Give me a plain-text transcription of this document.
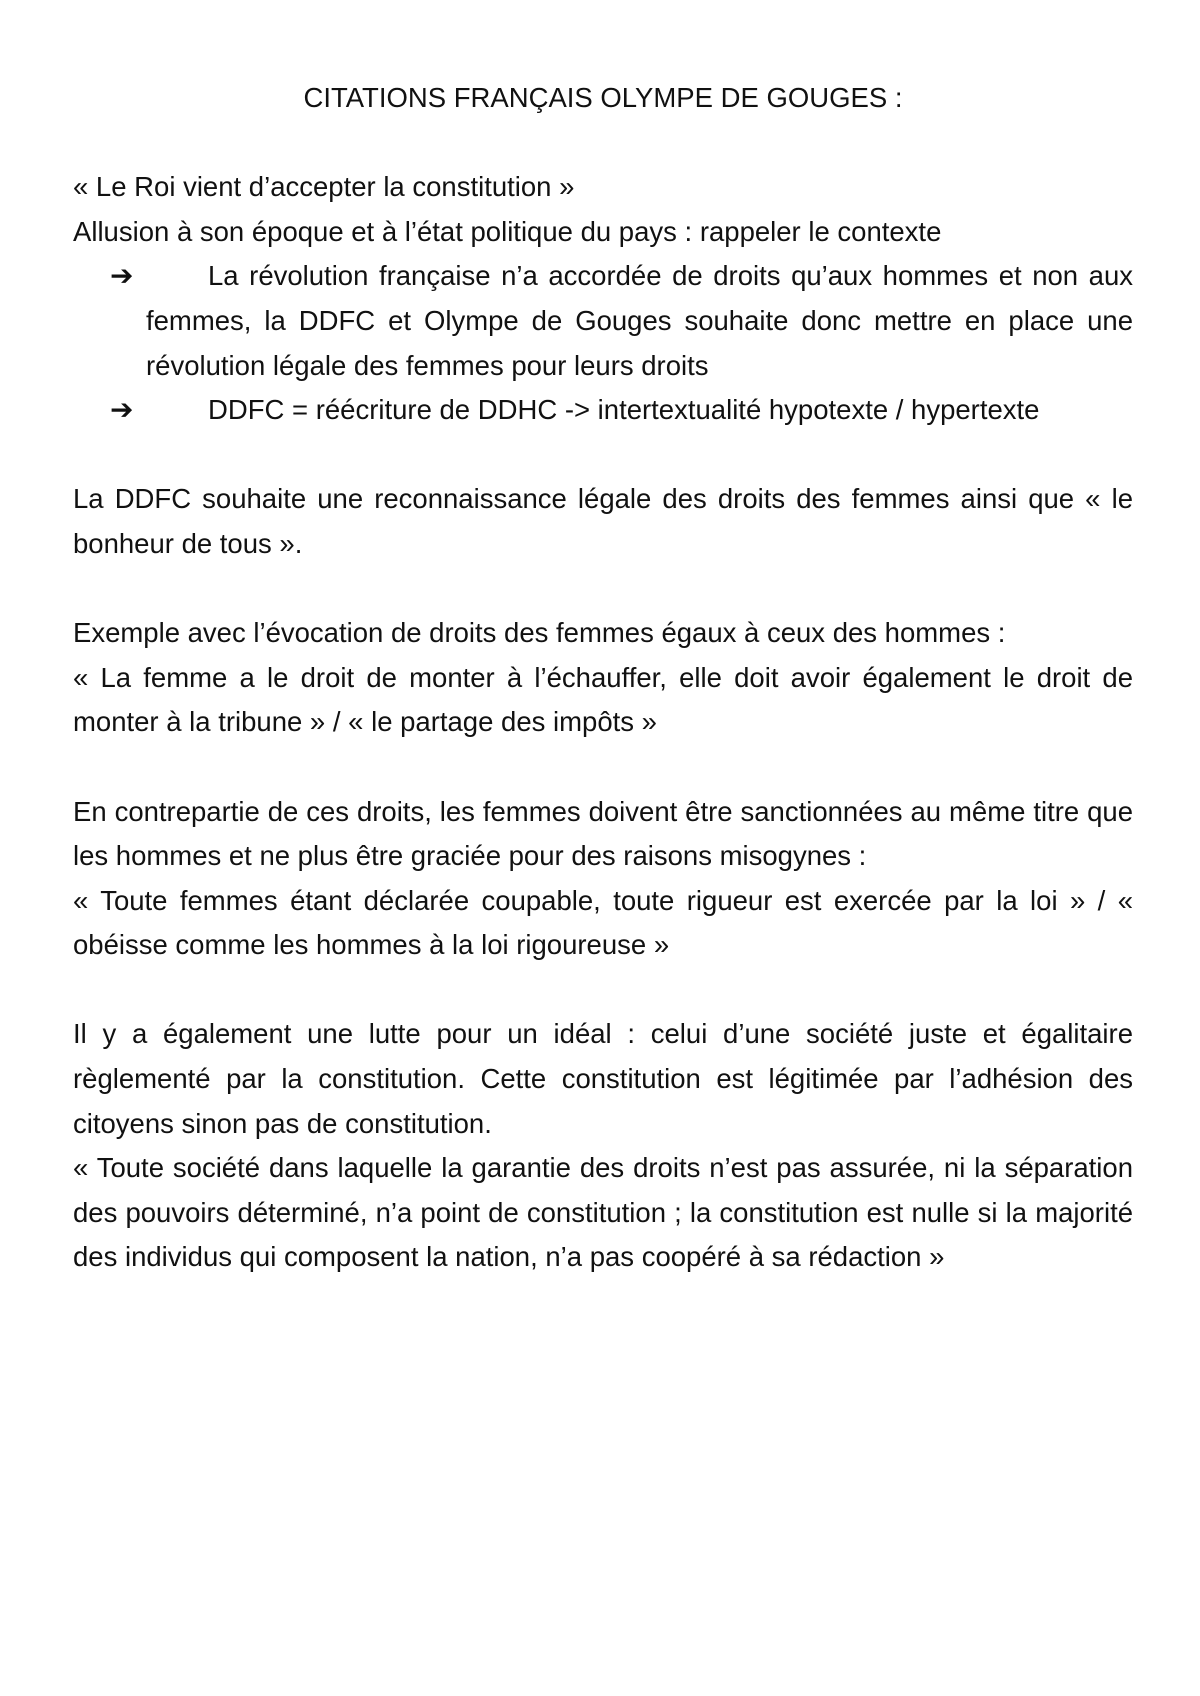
CITATIONS FRANÇAIS OLYMPE DE GOUGES :

« Le Roi vient d’accepter la constitution »

Allusion à son époque et à l’état politique du pays : rappeler le contexte

➔	La révolution française n’a accordée de droits qu’aux hommes et non aux femmes, la DDFC et Olympe de Gouges souhaite donc mettre en place une révolution légale des femmes pour leurs droits

➔	DDFC = réécriture de DDHC -> intertextualité hypotexte / hypertexte

La DDFC souhaite une reconnaissance légale des droits des femmes ainsi que « le bonheur de tous ».

Exemple avec l’évocation de droits des femmes égaux à ceux des hommes :

« La femme a le droit de monter à l’échauffer, elle doit avoir également le droit de monter à la tribune » / « le partage des impôts »

En contrepartie de ces droits, les femmes doivent être sanctionnées au même titre que les hommes et ne plus être graciée pour des raisons misogynes :

« Toute femmes étant déclarée coupable, toute rigueur est exercée par la loi » / « obéisse comme les hommes à la loi rigoureuse »

Il y a également une lutte pour un idéal : celui d’une société juste et égalitaire règlementé par la constitution. Cette constitution est légitimée par l’adhésion des citoyens sinon pas de constitution.

« Toute société dans laquelle la garantie des droits n’est pas assurée, ni la séparation des pouvoirs déterminé, n’a point de constitution ; la constitution est nulle si la majorité des individus qui composent la nation, n’a pas coopéré à sa rédaction »
